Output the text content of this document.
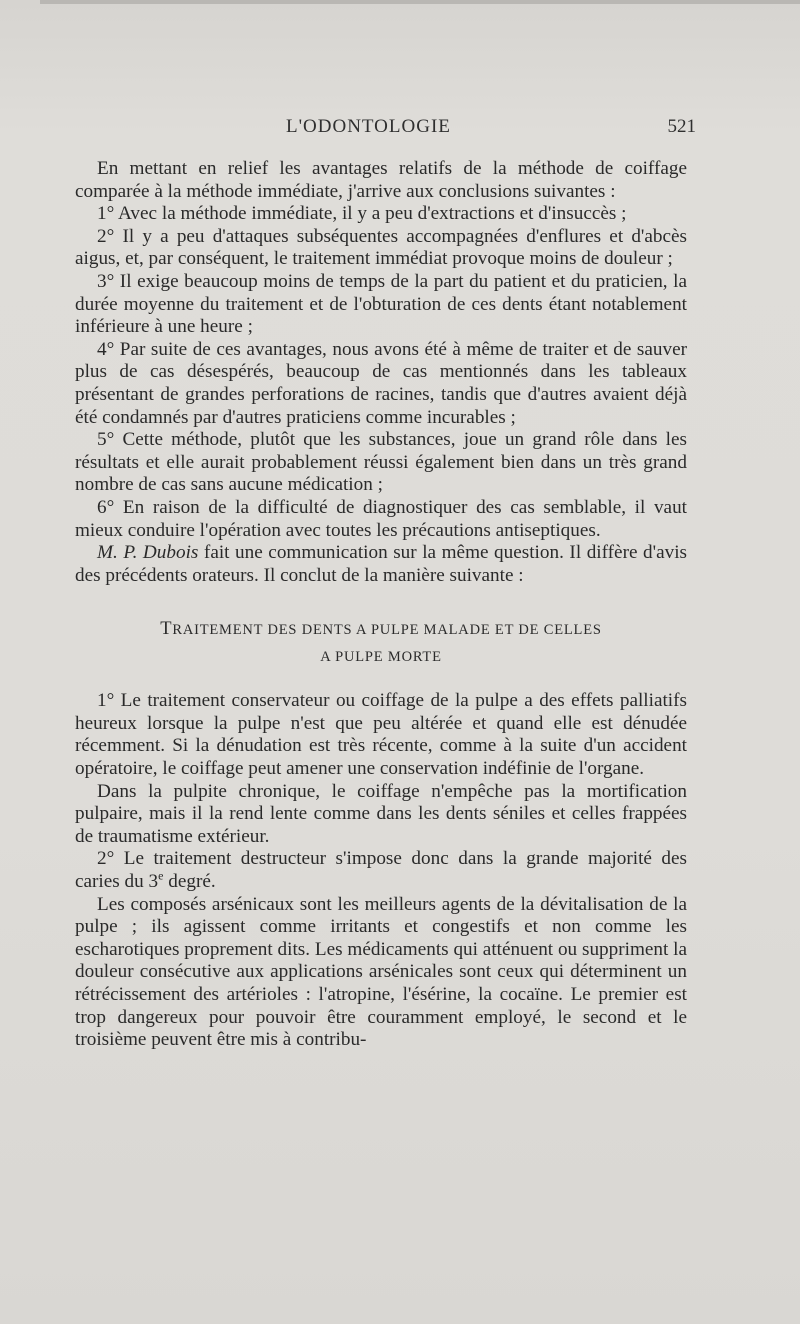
L'ODONTOLOGIE	521

En mettant en relief les avantages relatifs de la méthode de coiffage comparée à la méthode immédiate, j'arrive aux conclusions suivantes :

1° Avec la méthode immédiate, il y a peu d'extractions et d'insuccès ;

2° Il y a peu d'attaques subséquentes accompagnées d'enflures et d'abcès aigus, et, par conséquent, le traitement immédiat provoque moins de douleur ;

3° Il exige beaucoup moins de temps de la part du patient et du praticien, la durée moyenne du traitement et de l'obturation de ces dents étant notablement inférieure à une heure ;

4° Par suite de ces avantages, nous avons été à même de traiter et de sauver plus de cas désespérés, beaucoup de cas mentionnés dans les tableaux présentant de grandes perforations de racines, tandis que d'autres avaient déjà été condamnés par d'autres praticiens comme incurables ;

5° Cette méthode, plutôt que les substances, joue un grand rôle dans les résultats et elle aurait probablement réussi également bien dans un très grand nombre de cas sans aucune médication ;

6° En raison de la difficulté de diagnostiquer des cas semblable, il vaut mieux conduire l'opération avec toutes les précautions antiseptiques.

M. P. Dubois fait une communication sur la même question. Il diffère d'avis des précédents orateurs. Il conclut de la manière suivante :

TRAITEMENT DES DENTS A PULPE MALADE ET DE CELLES
A PULPE MORTE

1° Le traitement conservateur ou coiffage de la pulpe a des effets palliatifs heureux lorsque la pulpe n'est que peu altérée et quand elle est dénudée récemment. Si la dénudation est très récente, comme à la suite d'un accident opératoire, le coiffage peut amener une conservation indéfinie de l'organe.

Dans la pulpite chronique, le coiffage n'empêche pas la mortification pulpaire, mais il la rend lente comme dans les dents séniles et celles frappées de traumatisme extérieur.

2° Le traitement destructeur s'impose donc dans la grande majorité des caries du 3e degré.

Les composés arsénicaux sont les meilleurs agents de la dévitalisation de la pulpe ; ils agissent comme irritants et congestifs et non comme les escharotiques proprement dits. Les médicaments qui atténuent ou suppriment la douleur consécutive aux applications arsénicales sont ceux qui déterminent un rétrécissement des artérioles : l'atropine, l'ésérine, la cocaïne. Le premier est trop dangereux pour pouvoir être couramment employé, le second et le troisième peuvent être mis à contribu-
